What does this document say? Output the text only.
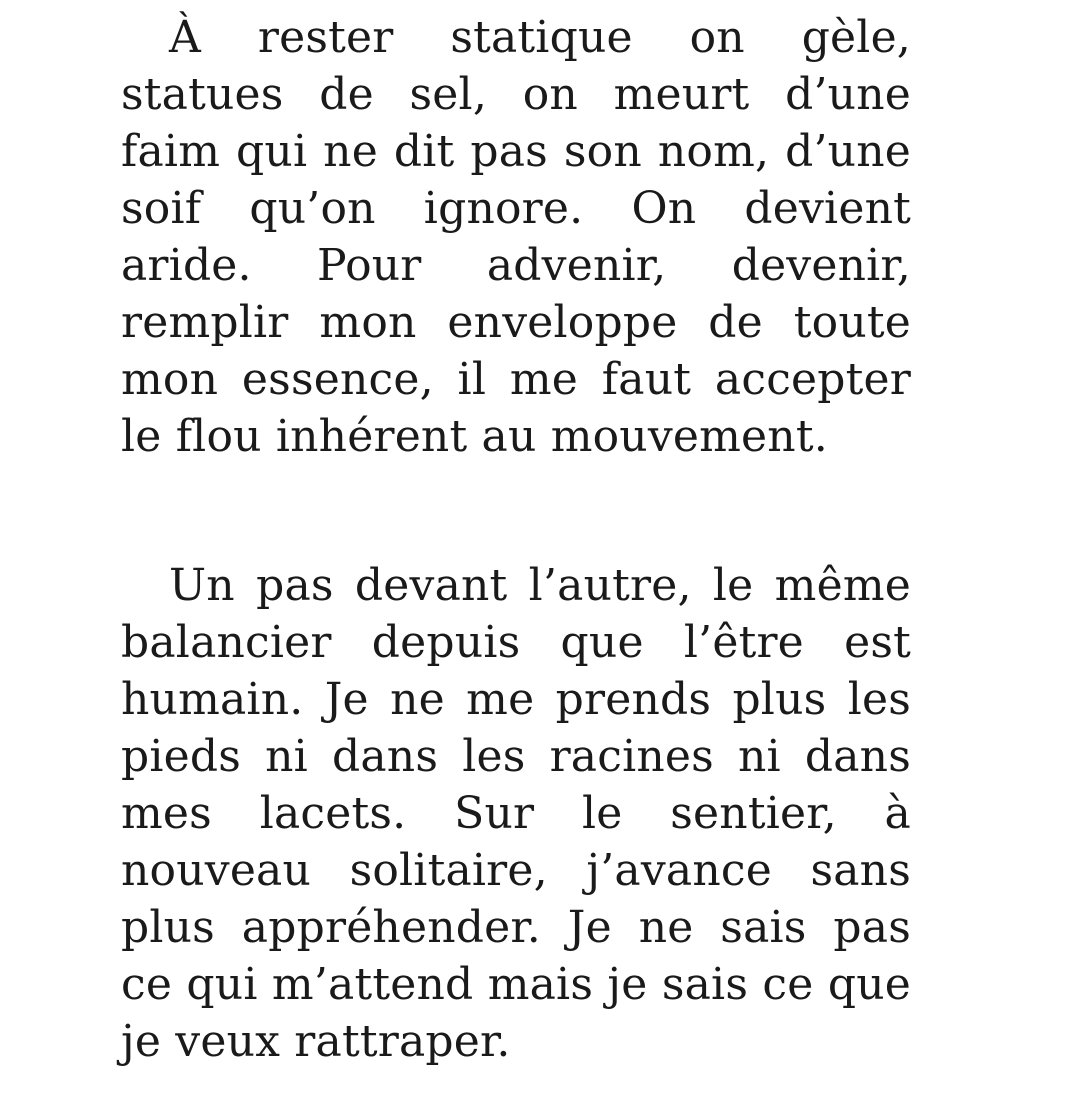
À rester statique on gèle, statues de sel, on meurt d’une faim qui ne dit pas son nom, d’une soif qu’on ignore. On devient aride. Pour advenir, devenir, remplir mon enveloppe de toute mon essence, il me faut accepter le flou inhérent au mouvement.

Un pas devant l’autre, le même balancier depuis que l’être est humain. Je ne me prends plus les pieds ni dans les racines ni dans mes lacets. Sur le sentier, à nouveau solitaire, j’avance sans plus appréhender. Je ne sais pas ce qui m’attend mais je sais ce que je veux rattraper.
